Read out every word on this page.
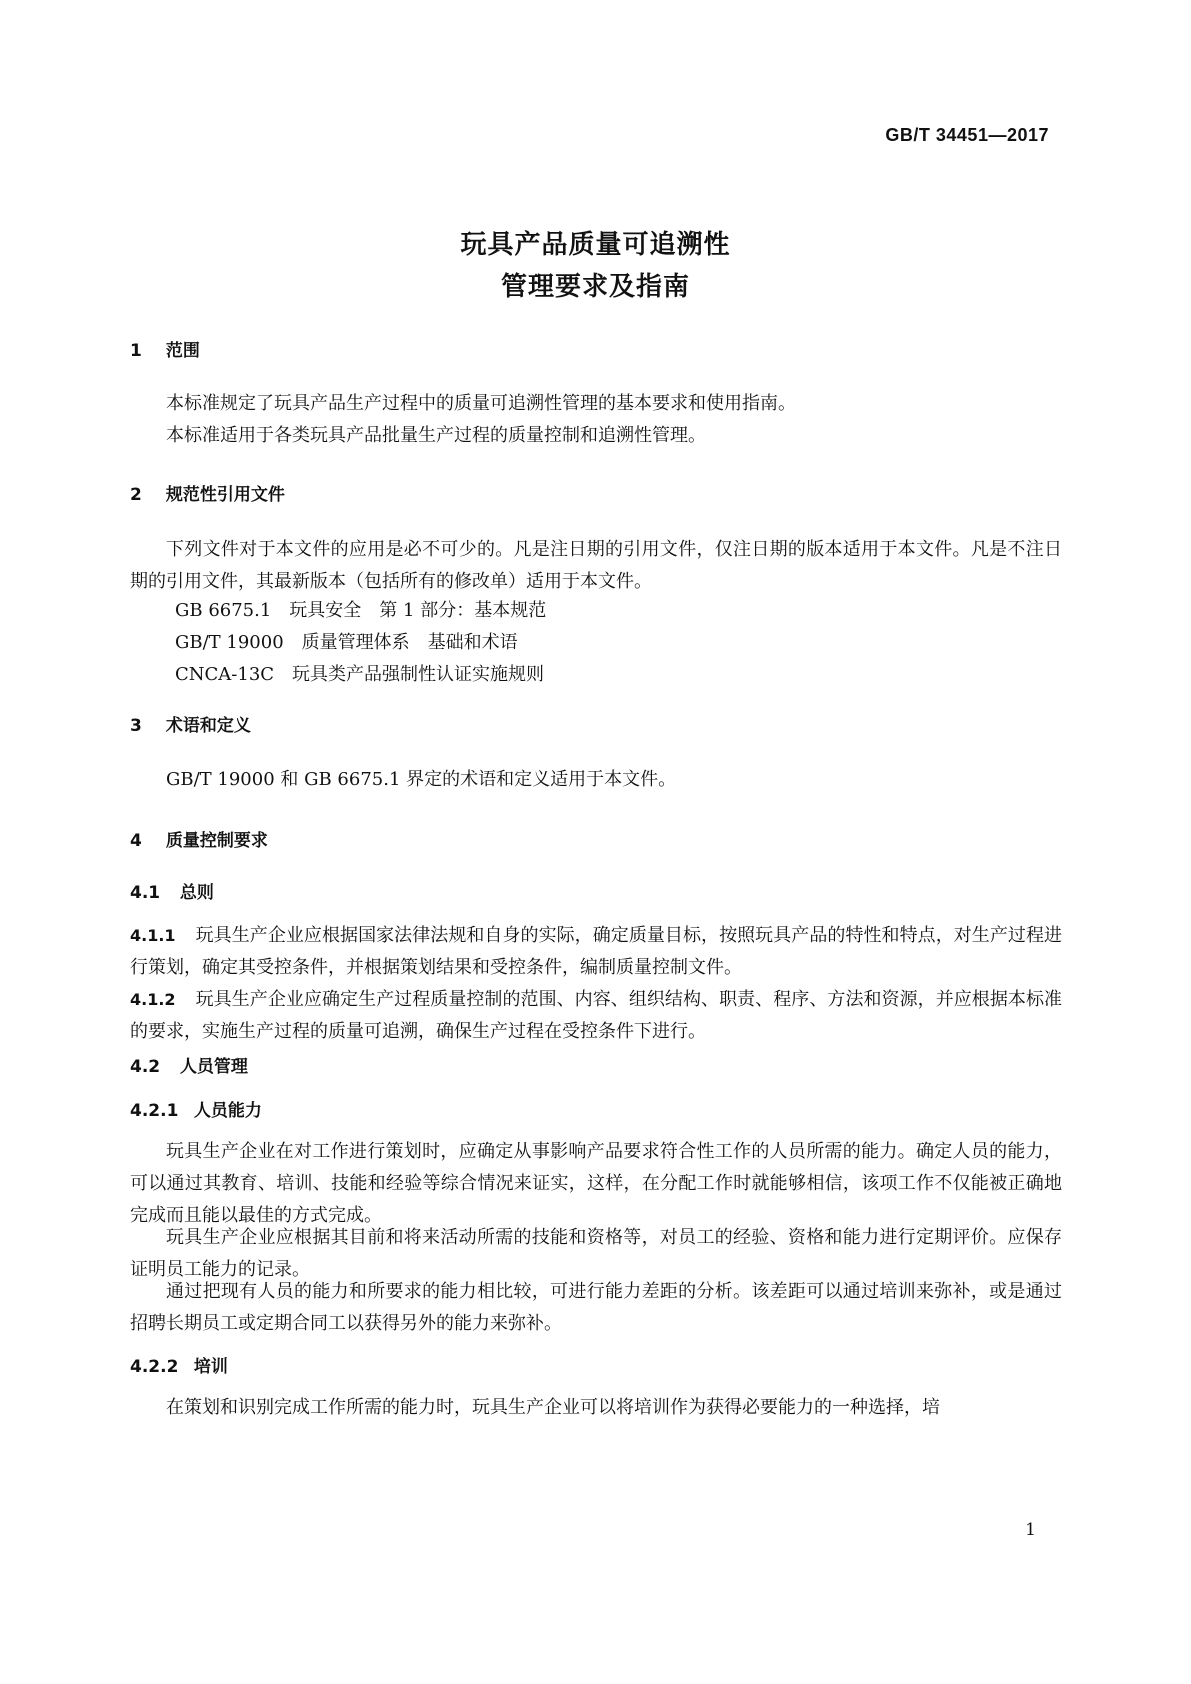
GB/T 34451—2017
玩具产品质量可追溯性
管理要求及指南
1 范围
本标准规定了玩具产品生产过程中的质量可追溯性管理的基本要求和使用指南。
本标准适用于各类玩具产品批量生产过程的质量控制和追溯性管理。
2 规范性引用文件
下列文件对于本文件的应用是必不可少的。凡是注日期的引用文件，仅注日期的版本适用于本文件。凡是不注日期的引用文件，其最新版本（包括所有的修改单）适用于本文件。
GB 6675.1　玩具安全　第 1 部分：基本规范
GB/T 19000　质量管理体系　基础和术语
CNCA-13C　玩具类产品强制性认证实施规则
3 术语和定义
GB/T 19000 和 GB 6675.1 界定的术语和定义适用于本文件。
4 质量控制要求
4.1 总则
4.1.1 玩具生产企业应根据国家法律法规和自身的实际，确定质量目标，按照玩具产品的特性和特点，对生产过程进行策划，确定其受控条件，并根据策划结果和受控条件，编制质量控制文件。
4.1.2 玩具生产企业应确定生产过程质量控制的范围、内容、组织结构、职责、程序、方法和资源，并应根据本标准的要求，实施生产过程的质量可追溯，确保生产过程在受控条件下进行。
4.2 人员管理
4.2.1 人员能力
玩具生产企业在对工作进行策划时，应确定从事影响产品要求符合性工作的人员所需的能力。确定人员的能力，可以通过其教育、培训、技能和经验等综合情况来证实，这样，在分配工作时就能够相信，该项工作不仅能被正确地完成而且能以最佳的方式完成。
玩具生产企业应根据其目前和将来活动所需的技能和资格等，对员工的经验、资格和能力进行定期评价。应保存证明员工能力的记录。
通过把现有人员的能力和所要求的能力相比较，可进行能力差距的分析。该差距可以通过培训来弥补，或是通过招聘长期员工或定期合同工以获得另外的能力来弥补。
4.2.2 培训
在策划和识别完成工作所需的能力时，玩具生产企业可以将培训作为获得必要能力的一种选择，培
1
